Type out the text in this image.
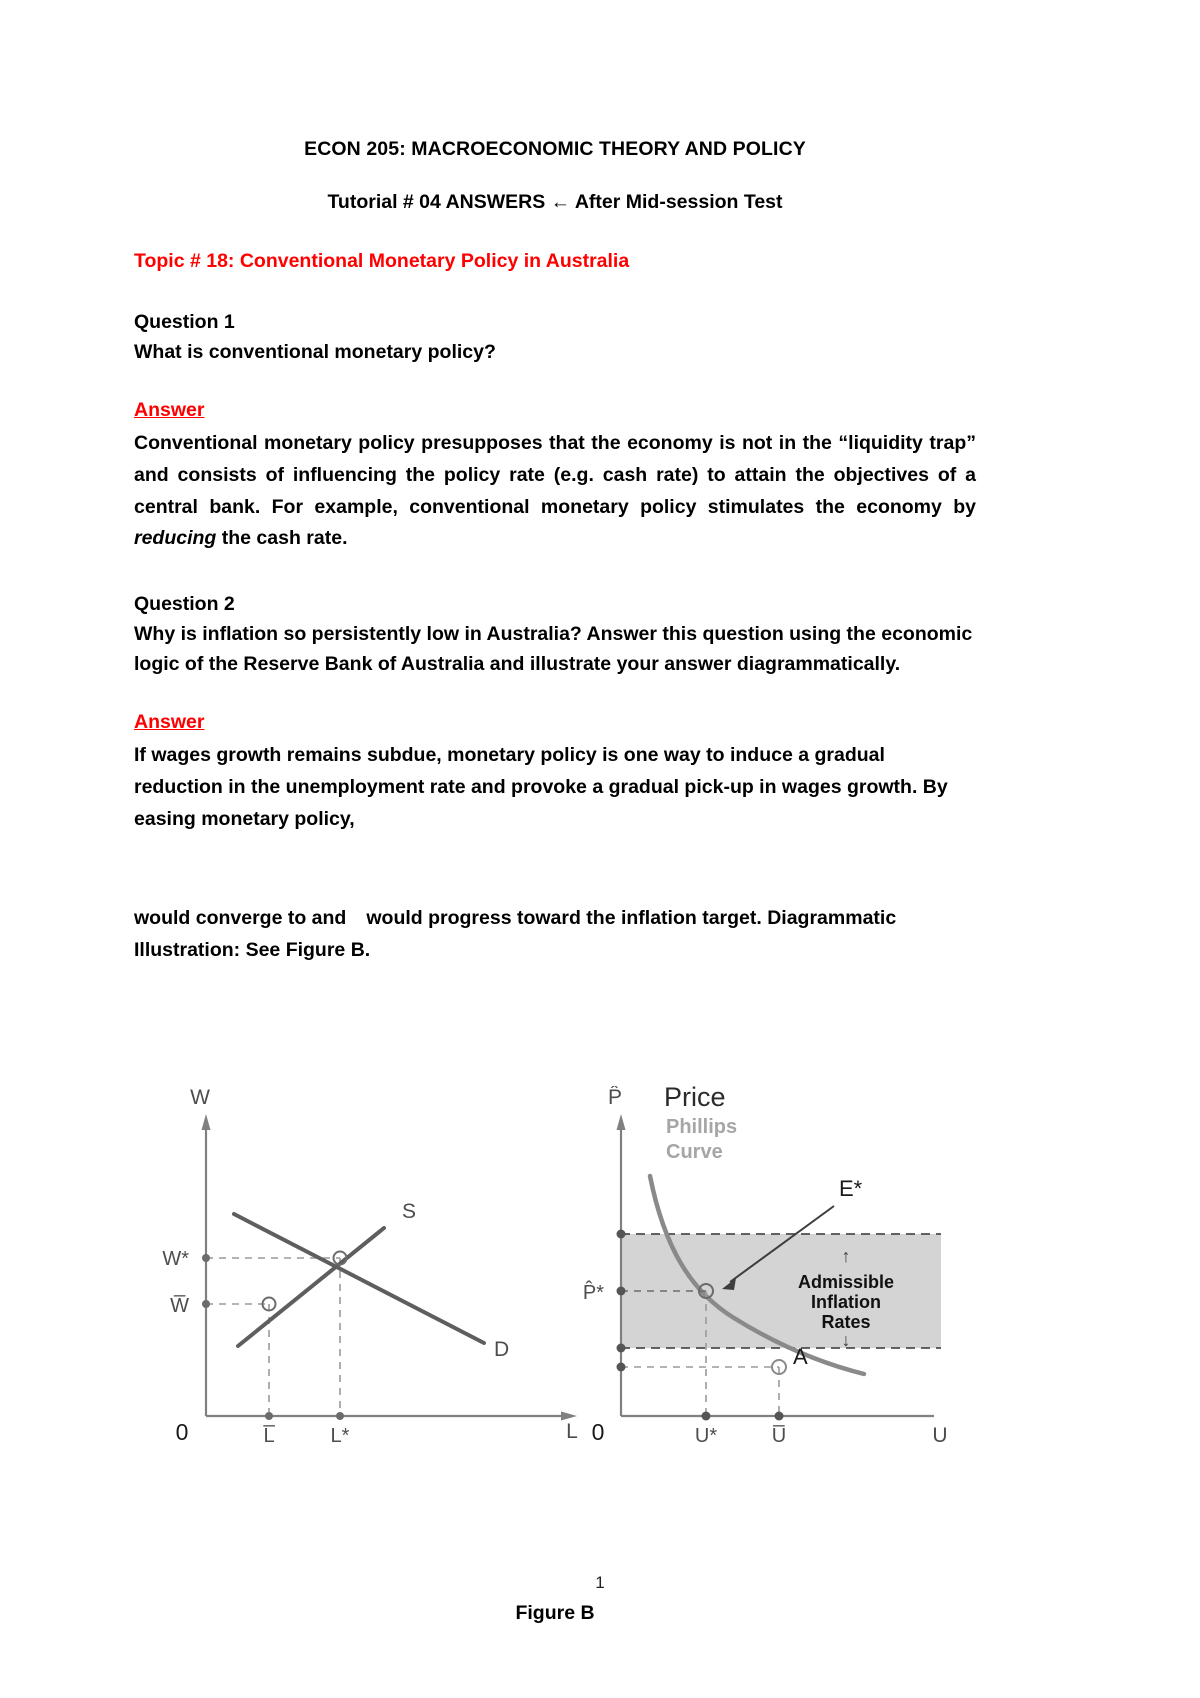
ECON 205: MACROECONOMIC THEORY AND POLICY
Tutorial # 04 ANSWERS ← After Mid-session Test
Topic # 18: Conventional Monetary Policy in Australia
Question 1
What is conventional monetary policy?
Answer
Conventional monetary policy presupposes that the economy is not in the “liquidity trap” and consists of influencing the policy rate (e.g. cash rate) to attain the objectives of a central bank. For example, conventional monetary policy stimulates the economy by reducing the cash rate.
Question 2
Why is inflation so persistently low in Australia? Answer this question using the economic logic of the Reserve Bank of Australia and illustrate your answer diagrammatically.
Answer
If wages growth remains subdue, monetary policy is one way to induce a gradual reduction in the unemployment rate and provoke a gradual pick-up in wages growth. By easing monetary policy,
would converge to and would progress toward the inflation target. Diagrammatic Illustration: See Figure B.
W
L
0
S
D
W*
W̅
L̅	L*
P̂
U
0
Price
Phillips
Curve
E*
↑
Admissible
Inflation
Rates
↓
A
P̂*
U*	U̅
Figure B
1
